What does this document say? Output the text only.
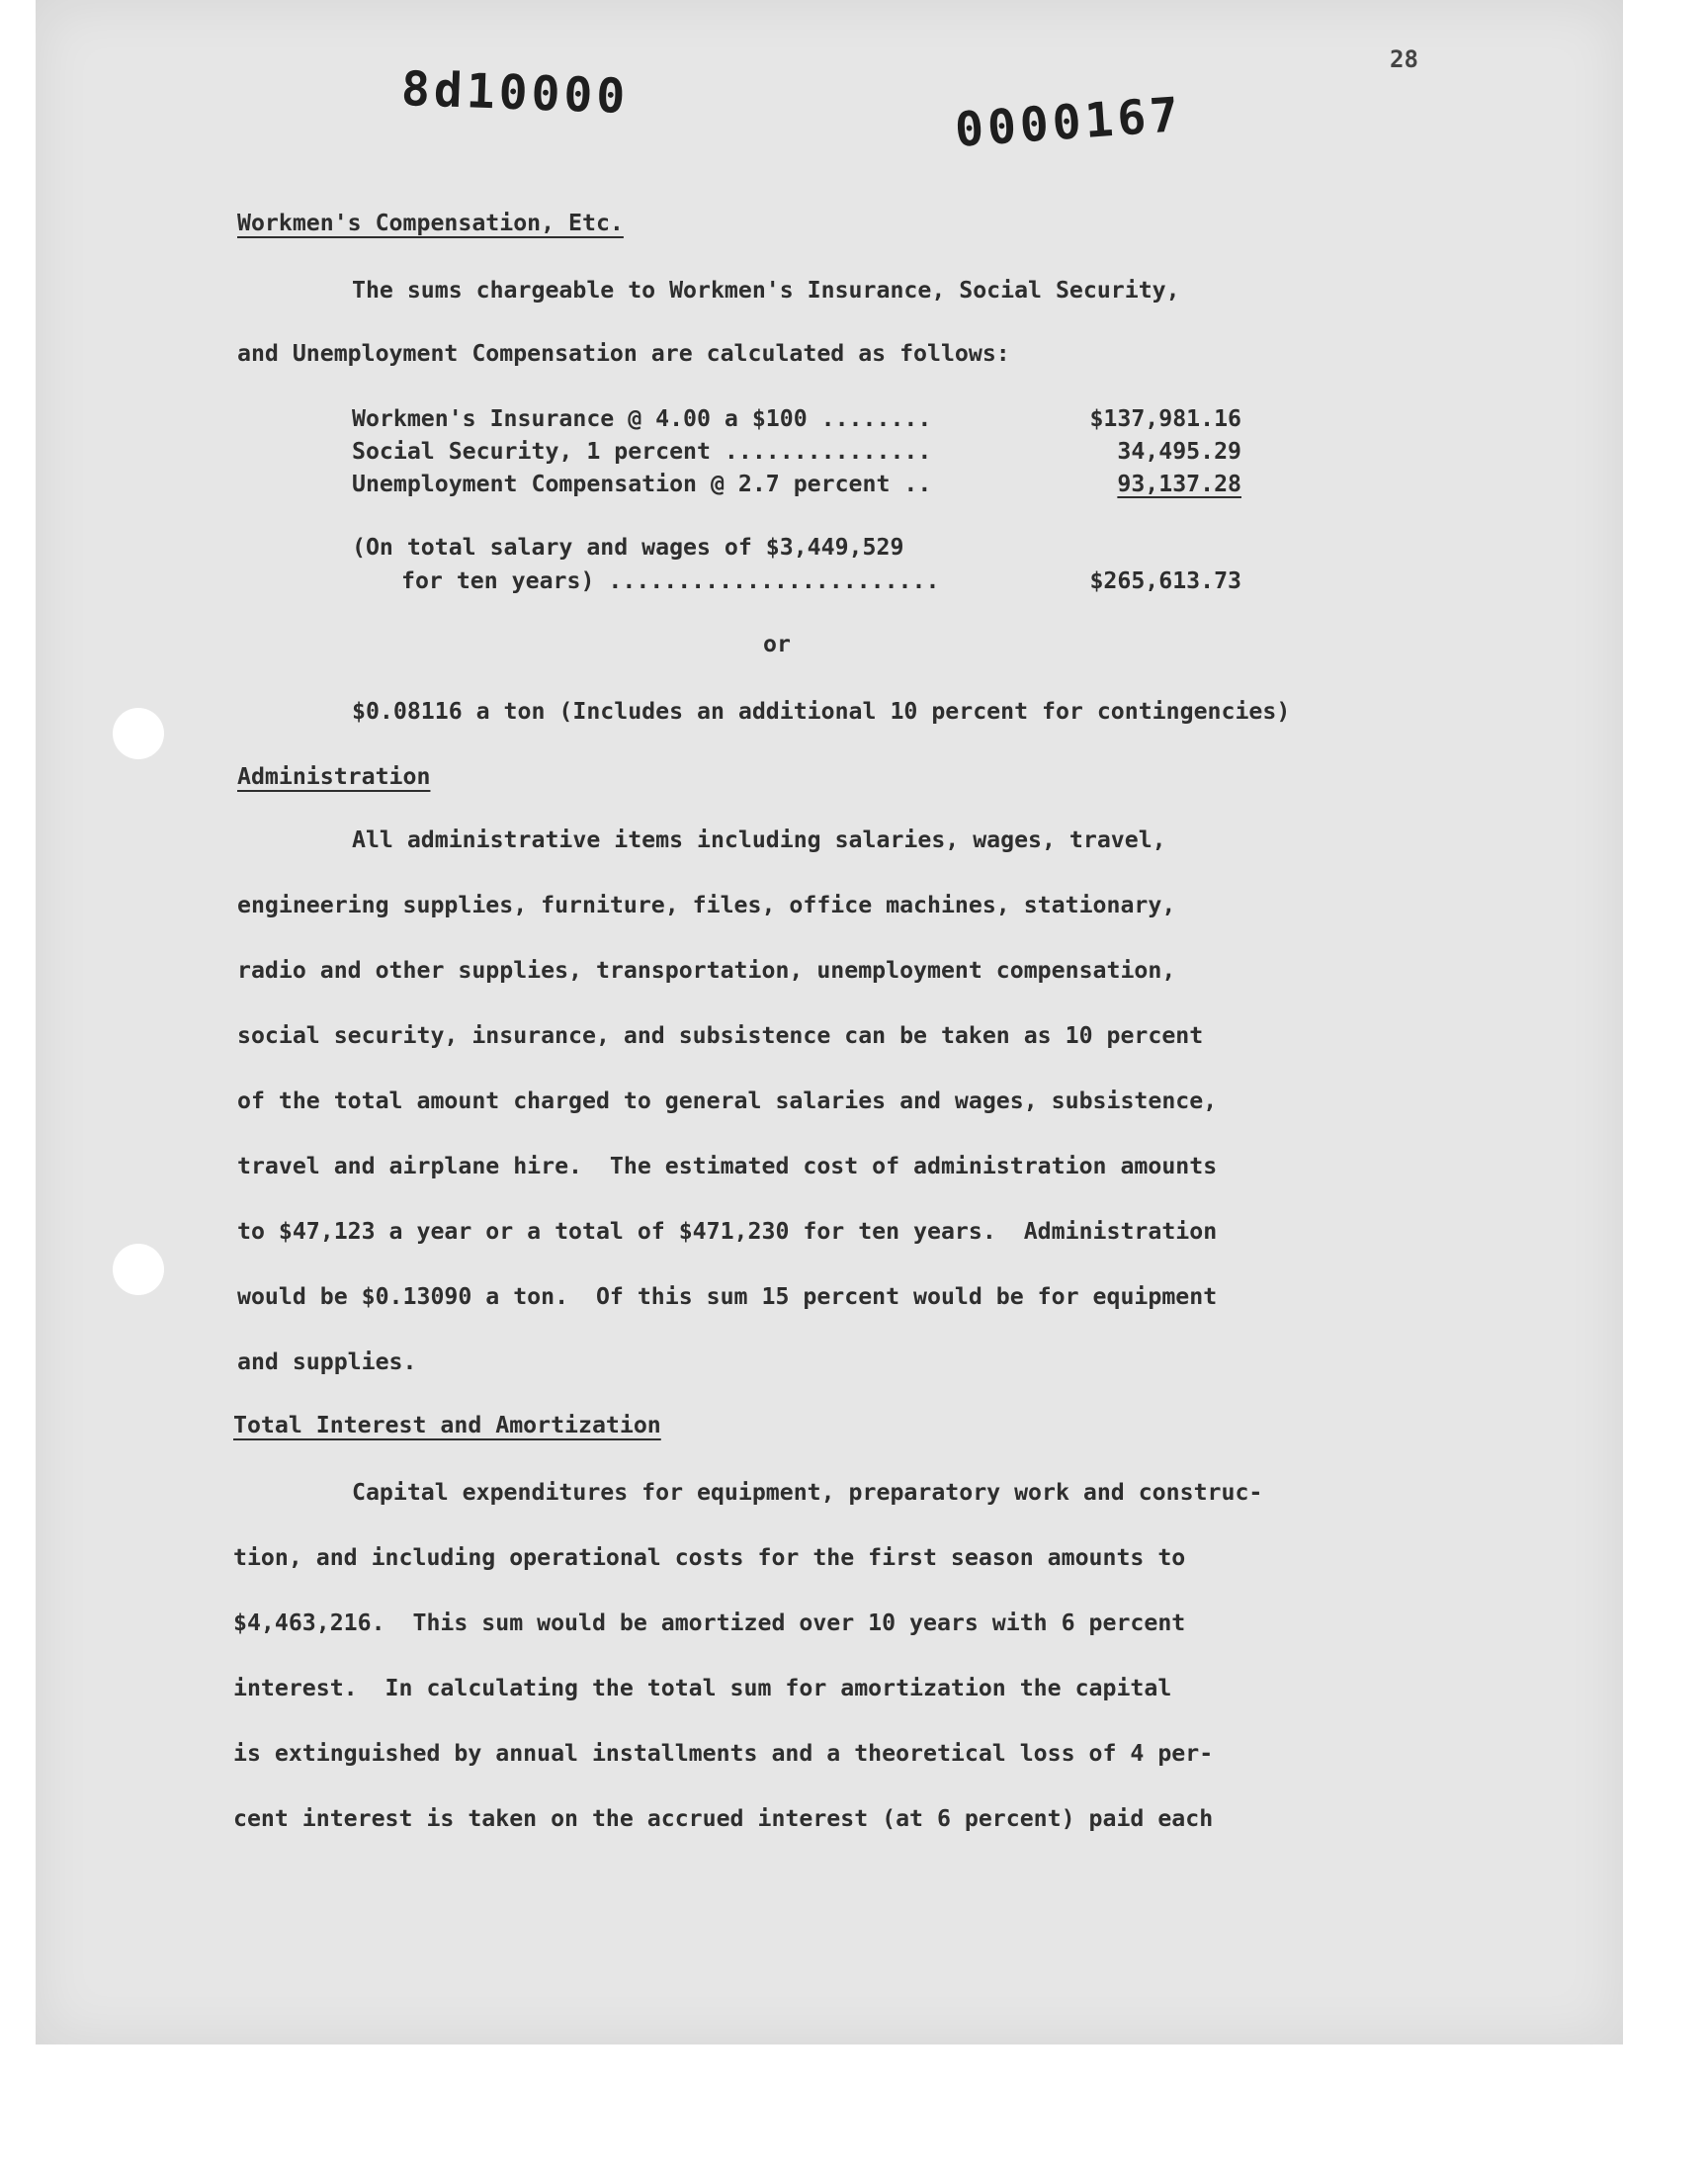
8d10000	0000167
28
Workmen's Compensation, Etc.
The sums chargeable to Workmen's Insurance, Social Security,
and Unemployment Compensation are calculated as follows:
Workmen's Insurance @ 4.00 a $100 ........	$137,981.16
Social Security, 1 percent ...............	34,495.29
Unemployment Compensation @ 2.7 percent ..	93,137.28
(On total salary and wages of $3,449,529
for ten years) ........................	$265,613.73
or
$0.08116 a ton (Includes an additional 10 percent for contingencies)
Administration
All administrative items including salaries, wages, travel,
engineering supplies, furniture, files, office machines, stationary,
radio and other supplies, transportation, unemployment compensation,
social security, insurance, and subsistence can be taken as 10 percent
of the total amount charged to general salaries and wages, subsistence,
travel and airplane hire.  The estimated cost of administration amounts
to $47,123 a year or a total of $471,230 for ten years.  Administration
would be $0.13090 a ton.  Of this sum 15 percent would be for equipment
and supplies.
Total Interest and Amortization
Capital expenditures for equipment, preparatory work and construc-
tion, and including operational costs for the first season amounts to
$4,463,216.  This sum would be amortized over 10 years with 6 percent
interest.  In calculating the total sum for amortization the capital
is extinguished by annual installments and a theoretical loss of 4 per-
cent interest is taken on the accrued interest (at 6 percent) paid each
